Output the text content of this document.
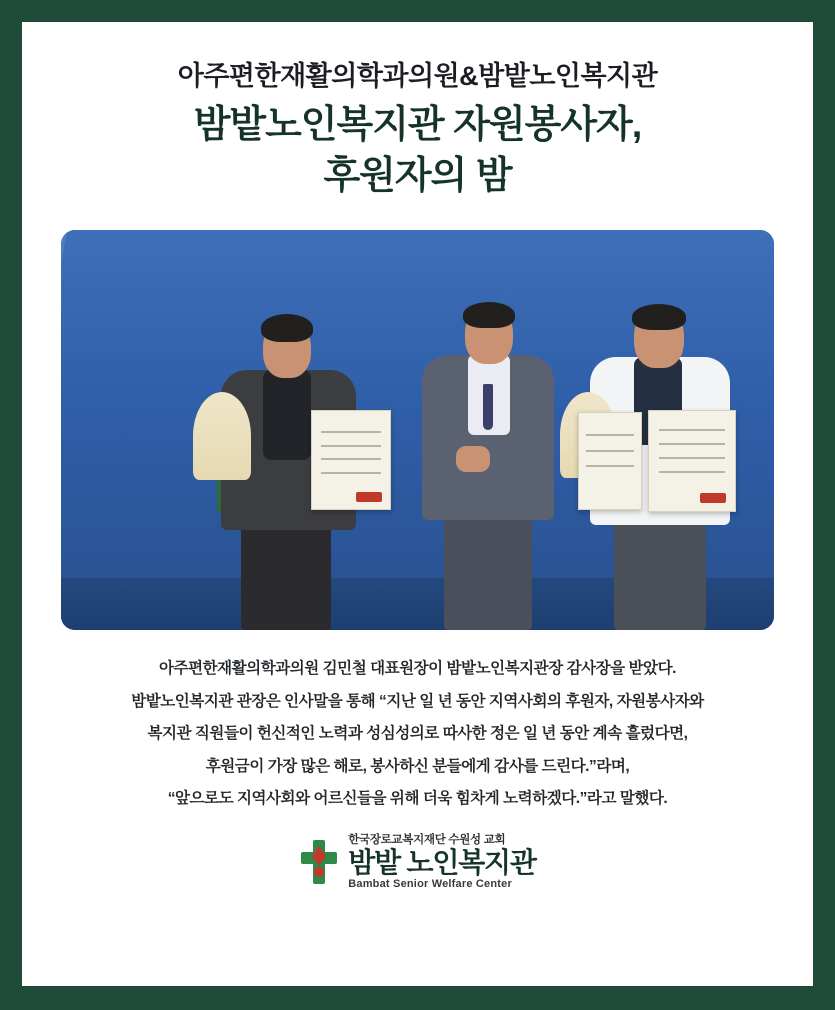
아주편한재활의학과의원&밤밭노인복지관
밤밭노인복지관 자원봉사자,
후원자의 밤

아주편한재활의학과의원 김민철 대표원장이 밤밭노인복지관장 감사장을 받았다.

밤밭노인복지관 관장은 인사말을 통해 “지난 일 년 동안 지역사회의 후원자, 자원봉사자와

복지관 직원들이 헌신적인 노력과 성심성의로 따사한 정은 일 년 동안 계속 흘렀다면,

후원금이 가장 많은 해로, 봉사하신 분들에게 감사를 드린다.”라며,

“앞으로도 지역사회와 어르신들을 위해 더욱 힘차게 노력하겠다.”라고 말했다.

한국장로교복지재단 수원성 교회
밤밭 노인복지관
Bambat Senior Welfare Center
